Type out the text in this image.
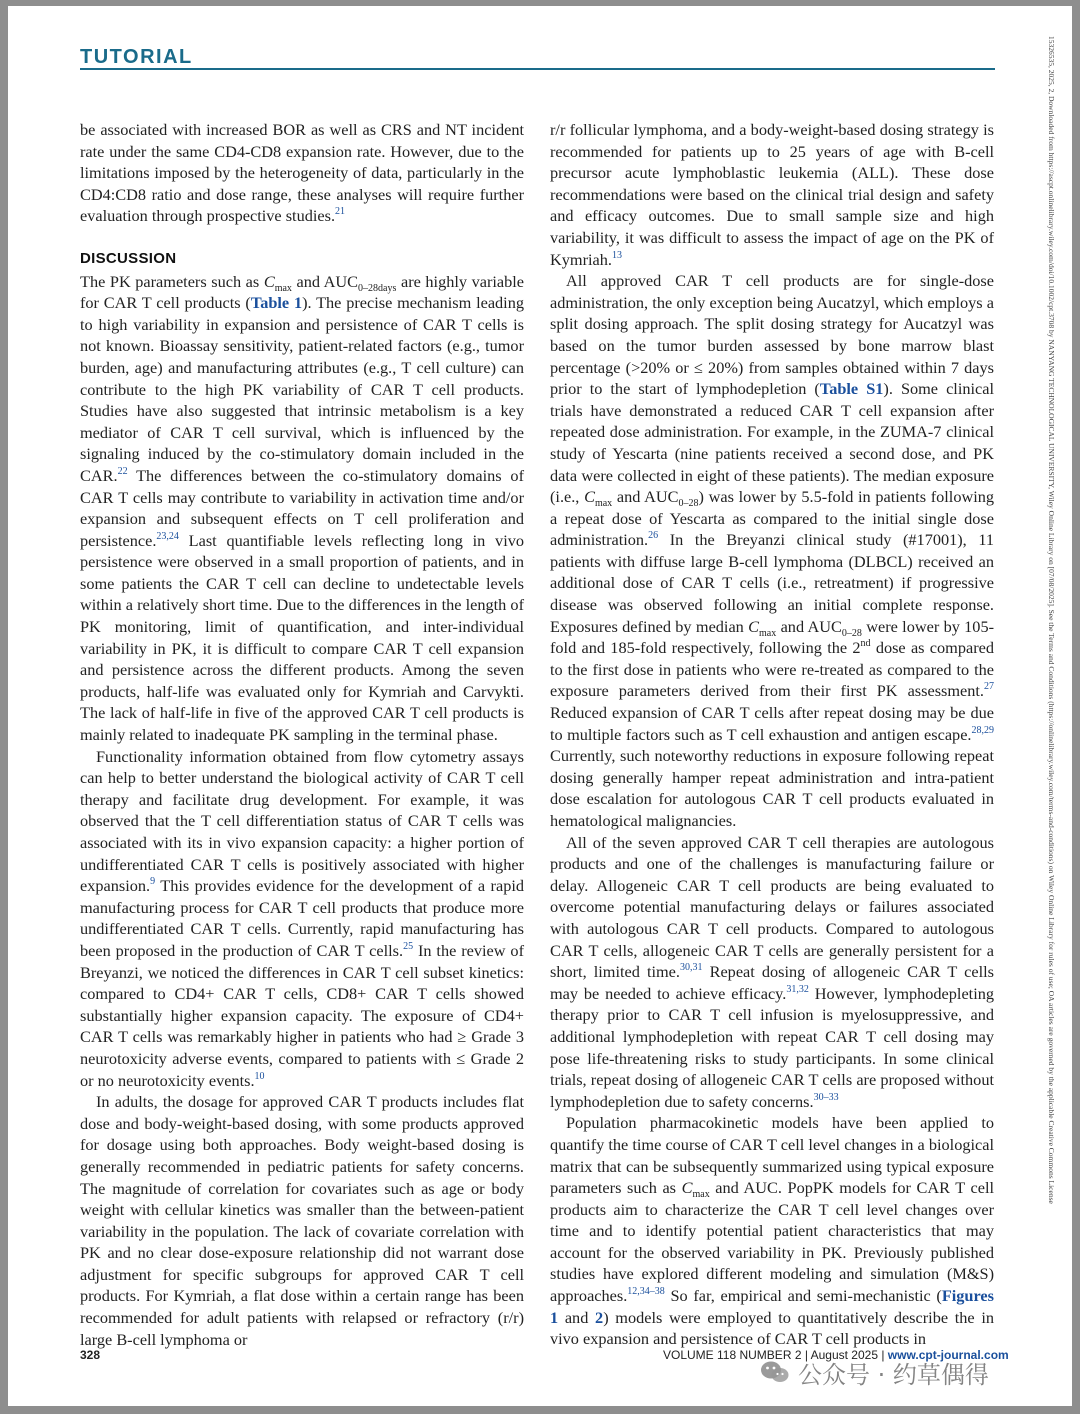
TUTORIAL	15326535, 2025, 2, Downloaded from https://ascpt.onlinelibrary.wiley.com/doi/10.1002/cpt.3708 by NANYANG TECHNOLOGICAL UNIVERSITY, Wiley Online Library on [07/08/2025]. See the Terms and Conditions (https://onlinelibrary.wiley.com/terms-and-conditions) on Wiley Online Library for rules of use; OA articles are governed by the applicable Creative Commons License

be associated with increased BOR as well as CRS and NT incident rate under the same CD4-CD8 expansion rate. However, due to the limitations imposed by the heterogeneity of data, particularly in the CD4:CD8 ratio and dose range, these analyses will require further evaluation through prospective studies.$^{21}$

DISCUSSION

The PK parameters such as $C_{max}$ and $AUC_{0-28days}$ are highly variable for CAR T cell products (Table 1). The precise mechanism leading to high variability in expansion and persistence of CAR T cells is not known. Bioassay sensitivity, patient-related factors (e.g., tumor burden, age) and manufacturing attributes (e.g., T cell culture) can contribute to the high PK variability of CAR T cell products. Studies have also suggested that intrinsic metabolism is a key mediator of CAR T cell survival, which is influenced by the signaling induced by the co-stimulatory domain included in the CAR.$^{22}$ The differences between the co-stimulatory domains of CAR T cells may contribute to variability in activation time and/or expansion and subsequent effects on T cell proliferation and persistence.$^{23,24}$ Last quantifiable levels reflecting long in vivo persistence were observed in a small proportion of patients, and in some patients the CAR T cell can decline to undetectable levels within a relatively short time. Due to the differences in the length of PK monitoring, limit of quantification, and inter-individual variability in PK, it is difficult to compare CAR T cell expansion and persistence across the different products. Among the seven products, half-life was evaluated only for Kymriah and Carvykti. The lack of half-life in five of the approved CAR T cell products is mainly related to inadequate PK sampling in the terminal phase.

Functionality information obtained from flow cytometry assays can help to better understand the biological activity of CAR T cell therapy and facilitate drug development. For example, it was observed that the T cell differentiation status of CAR T cells was associated with its in vivo expansion capacity: a higher portion of undifferentiated CAR T cells is positively associated with higher expansion.$^9$ This provides evidence for the development of a rapid manufacturing process for CAR T cell products that produce more undifferentiated CAR T cells. Currently, rapid manufacturing has been proposed in the production of CAR T cells.$^{25}$ In the review of Breyanzi, we noticed the differences in CAR T cell subset kinetics: compared to CD4+ CAR T cells, CD8+ CAR T cells showed substantially higher expansion capacity. The exposure of CD4+ CAR T cells was remarkably higher in patients who had ≥ Grade 3 neurotoxicity adverse events, compared to patients with ≤ Grade 2 or no neurotoxicity events.$^{10}$

In adults, the dosage for approved CAR T products includes flat dose and body-weight-based dosing, with some products approved for dosage using both approaches. Body weight-based dosing is generally recommended in pediatric patients for safety concerns. The magnitude of correlation for covariates such as age or body weight with cellular kinetics was smaller than the between-patient variability in the population. The lack of covariate correlation with PK and no clear dose-exposure relationship did not warrant dose adjustment for specific subgroups for approved CAR T cell products. For Kymriah, a flat dose within a certain range has been recommended for adult patients with relapsed or refractory (r/r) large B-cell lymphoma or

r/r follicular lymphoma, and a body-weight-based dosing strategy is recommended for patients up to 25 years of age with B-cell precursor acute lymphoblastic leukemia (ALL). These dose recommendations were based on the clinical trial design and safety and efficacy outcomes. Due to small sample size and high variability, it was difficult to assess the impact of age on the PK of Kymriah.$^{13}$

All approved CAR T cell products are for single-dose administration, the only exception being Aucatzyl, which employs a split dosing approach. The split dosing strategy for Aucatzyl was based on the tumor burden assessed by bone marrow blast percentage (>20% or ≤ 20%) from samples obtained within 7 days prior to the start of lymphodepletion (Table S1). Some clinical trials have demonstrated a reduced CAR T cell expansion after repeated dose administration. For example, in the ZUMA-7 clinical study of Yescarta (nine patients received a second dose, and PK data were collected in eight of these patients). The median exposure (i.e., $C_{max}$ and $AUC_{0-28}$) was lower by 5.5-fold in patients following a repeat dose of Yescarta as compared to the initial single dose administration.$^{26}$ In the Breyanzi clinical study (#17001), 11 patients with diffuse large B-cell lymphoma (DLBCL) received an additional dose of CAR T cells (i.e., retreatment) if progressive disease was observed following an initial complete response. Exposures defined by median $C_{max}$ and $AUC_{0-28}$ were lower by 105-fold and 185-fold respectively, following the 2nd dose as compared to the first dose in patients who were re-treated as compared to the exposure parameters derived from their first PK assessment.$^{27}$ Reduced expansion of CAR T cells after repeat dosing may be due to multiple factors such as T cell exhaustion and antigen escape.$^{28,29}$ Currently, such noteworthy reductions in exposure following repeat dosing generally hamper repeat administration and intra-patient dose escalation for autologous CAR T cell products evaluated in hematological malignancies.

All of the seven approved CAR T cell therapies are autologous products and one of the challenges is manufacturing failure or delay. Allogeneic CAR T cell products are being evaluated to overcome potential manufacturing delays or failures associated with autologous CAR T cell products. Compared to autologous CAR T cells, allogeneic CAR T cells are generally persistent for a short, limited time.$^{30,31}$ Repeat dosing of allogeneic CAR T cells may be needed to achieve efficacy.$^{31,32}$ However, lymphodepleting therapy prior to CAR T cell infusion is myelosuppressive, and additional lymphodepletion with repeat CAR T cell dosing may pose life-threatening risks to study participants. In some clinical trials, repeat dosing of allogeneic CAR T cells are proposed without lymphodepletion due to safety concerns.$^{30-33}$

Population pharmacokinetic models have been applied to quantify the time course of CAR T cell level changes in a biological matrix that can be subsequently summarized using typical exposure parameters such as $C_{max}$ and AUC. PopPK models for CAR T cell products aim to characterize the CAR T cell level changes over time and to identify potential patient characteristics that may account for the observed variability in PK. Previously published studies have explored different modeling and simulation (M&S) approaches.$^{12,34-38}$ So far, empirical and semi-mechanistic (Figures 1 and 2) models were employed to quantitatively describe the in vivo expansion and persistence of CAR T cell products in

328	VOLUME 118 NUMBER 2 | August 2025 | www.cpt-journal.com
公众号 · 约草偶得
